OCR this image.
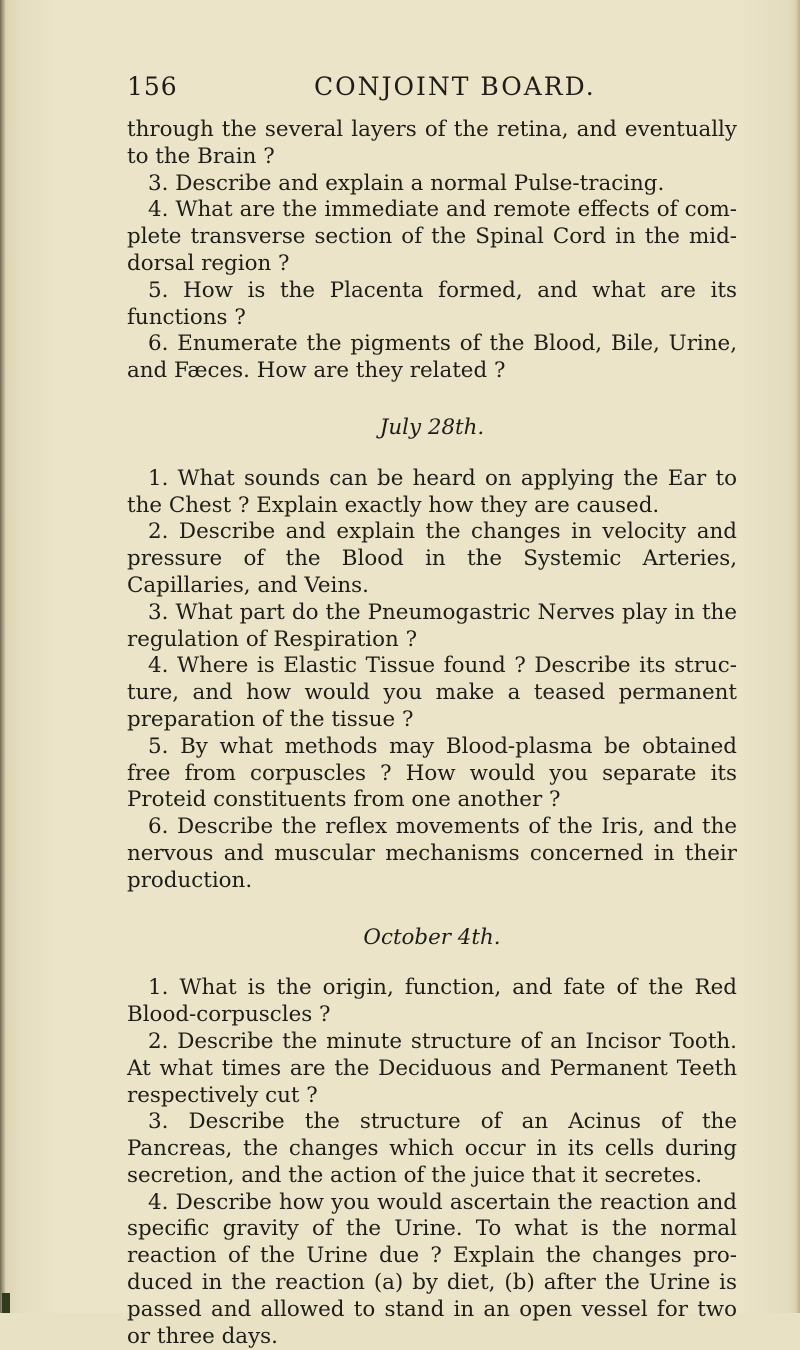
156	CONJOINT BOARD.

through the several layers of the retina, and eventually to the Brain ?

3. Describe and explain a normal Pulse-tracing.

4. What are the immediate and remote effects of com- plete transverse section of the Spinal Cord in the mid- dorsal region ?

5. How is the Placenta formed, and what are its functions ?

6. Enumerate the pigments of the Blood, Bile, Urine, and Fæces. How are they related ?

July 28th.

1. What sounds can be heard on applying the Ear to the Chest ? Explain exactly how they are caused.

2. Describe and explain the changes in velocity and pressure of the Blood in the Systemic Arteries, Capillaries, and Veins.

3. What part do the Pneumogastric Nerves play in the regulation of Respiration ?

4. Where is Elastic Tissue found ? Describe its struc- ture, and how would you make a teased permanent preparation of the tissue ?

5. By what methods may Blood-plasma be obtained free from corpuscles ? How would you separate its Proteid constituents from one another ?

6. Describe the reflex movements of the Iris, and the nervous and muscular mechanisms concerned in their production.

October 4th.

1. What is the origin, function, and fate of the Red Blood-corpuscles ?

2. Describe the minute structure of an Incisor Tooth. At what times are the Deciduous and Permanent Teeth respectively cut ?

3. Describe the structure of an Acinus of the Pancreas, the changes which occur in its cells during secretion, and the action of the juice that it secretes.

4. Describe how you would ascertain the reaction and specific gravity of the Urine. To what is the normal reaction of the Urine due ? Explain the changes pro- duced in the reaction (a) by diet, (b) after the Urine is passed and allowed to stand in an open vessel for two or three days.
